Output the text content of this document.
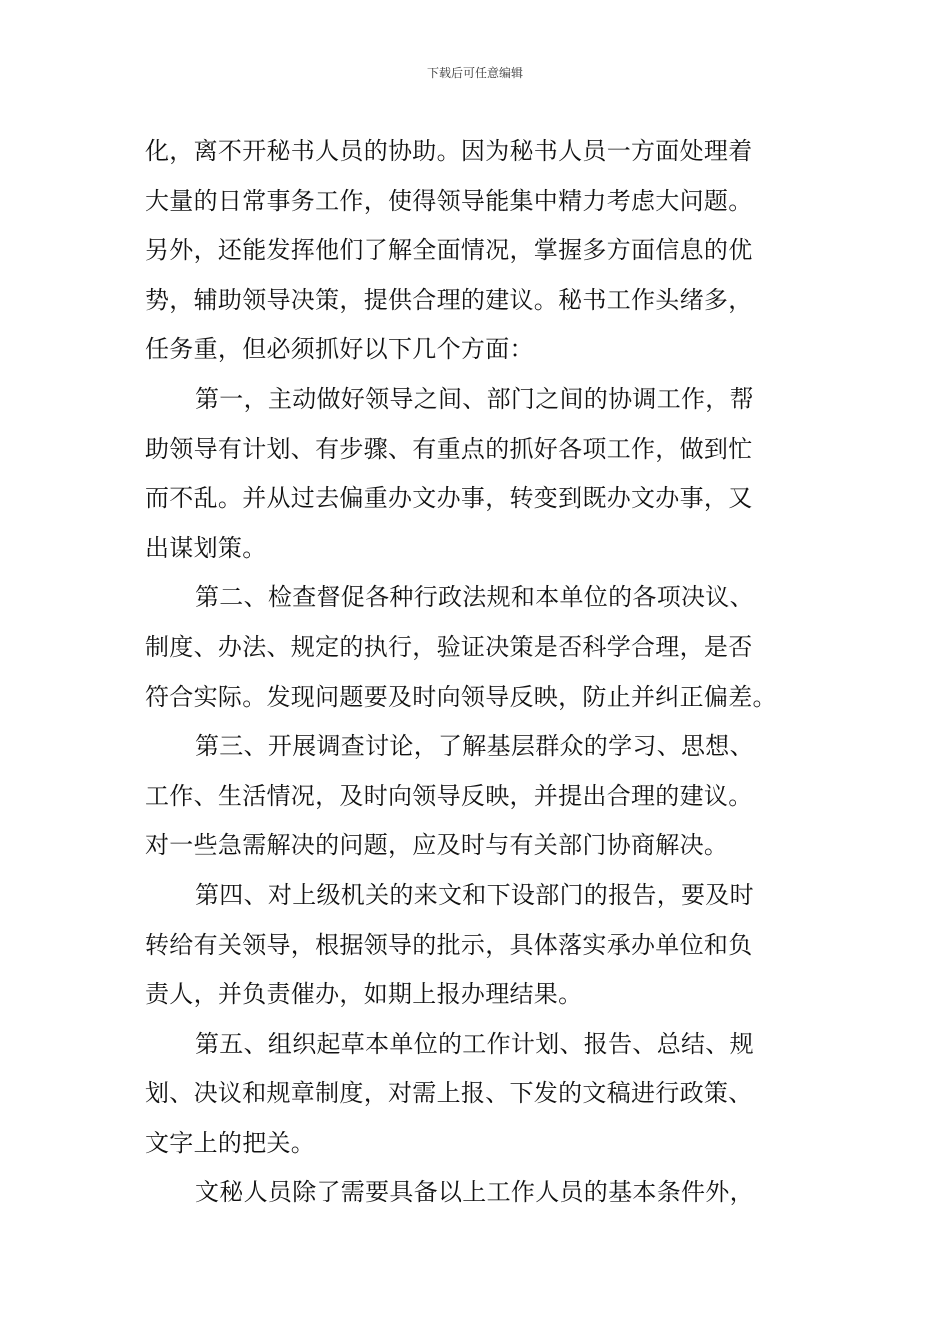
下载后可任意编辑
化，离不开秘书人员的协助。因为秘书人员一方面处理着
大量的日常事务工作，使得领导能集中精力考虑大问题。
另外，还能发挥他们了解全面情况，掌握多方面信息的优
势，辅助领导决策，提供合理的建议。秘书工作头绪多，
任务重，但必须抓好以下几个方面：
第一，主动做好领导之间、部门之间的协调工作，帮
助领导有计划、有步骤、有重点的抓好各项工作，做到忙
而不乱。并从过去偏重办文办事，转变到既办文办事，又
出谋划策。
第二、检查督促各种行政法规和本单位的各项决议、
制度、办法、规定的执行，验证决策是否科学合理，是否
符合实际。发现问题要及时向领导反映，防止并纠正偏差。
第三、开展调查讨论，了解基层群众的学习、思想、
工作、生活情况，及时向领导反映，并提出合理的建议。
对一些急需解决的问题，应及时与有关部门协商解决。
第四、对上级机关的来文和下设部门的报告，要及时
转给有关领导，根据领导的批示，具体落实承办单位和负
责人，并负责催办，如期上报办理结果。
第五、组织起草本单位的工作计划、报告、总结、规
划、决议和规章制度，对需上报、下发的文稿进行政策、
文字上的把关。
文秘人员除了需要具备以上工作人员的基本条件外，
